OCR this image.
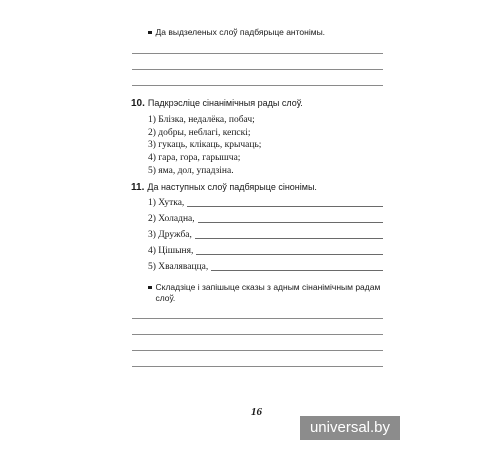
Да выдзеленых слоў падбярыце антонімы.
10. Падкрэсліце сінанімічныя рады слоў.
1) Блізка, недалёка, побач;
2) добры, неблагі, кепскі;
3) гукаць, клікаць, крычаць;
4) гара, гора, гарышча;
5) яма, дол, упадзіна.
11. Да наступных слоў падбярыце сінонімы.
1) Хутка,
2) Холадна,
3) Дружба,
4) Цішыня,
5) Хвалявацца,
Складзіце і запішыце сказы з адным сінанімічным радам
слоў.
16
universal.by
